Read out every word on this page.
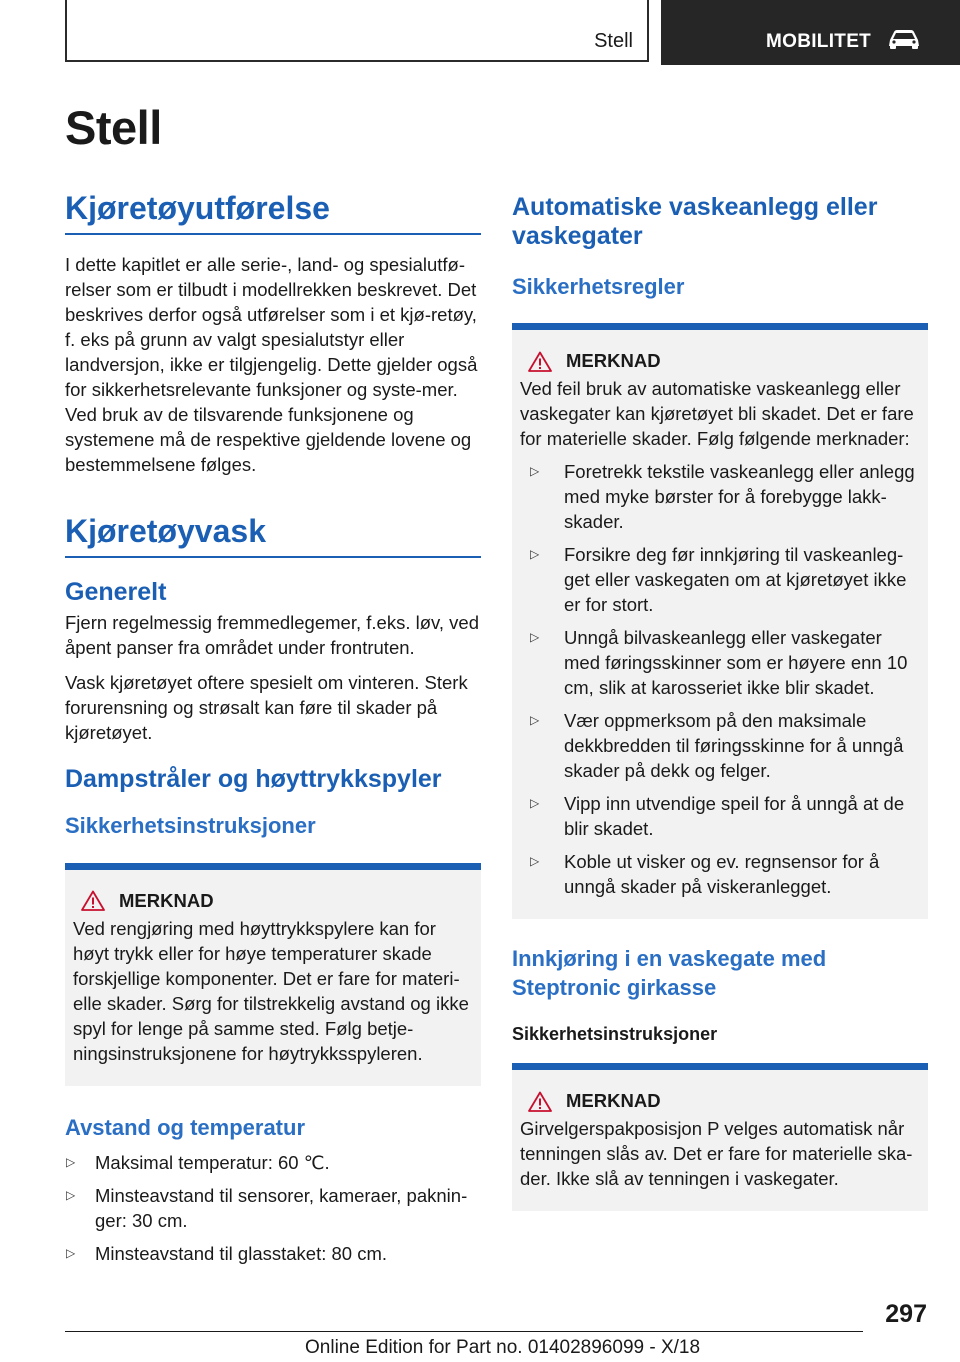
Stell	MOBILITET
Stell
Kjøretøyutførelse

I dette kapitlet er alle serie-, land- og spesialutfø-relser som er tilbudt i modellrekken beskrevet. Det beskrives derfor også utførelser som i et kjø-retøy, f. eks på grunn av valgt spesialutstyr eller landversjon, ikke er tilgjengelig. Dette gjelder også for sikkerhetsrelevante funksjoner og syste-mer. Ved bruk av de tilsvarende funksjonene og systemene må de respektive gjeldende lovene og bestemmelsene følges.

Kjøretøyvask
Generelt

Fjern regelmessig fremmedlegemer, f.eks. løv, ved åpent panser fra området under frontruten.

Vask kjøretøyet oftere spesielt om vinteren. Sterk forurensning og strøsalt kan føre til skader på kjøretøyet.

Dampstråler og høyttrykkspyler
Sikkerhetsinstruksjoner
MERKNAD

Ved rengjøring med høyttrykkspylere kan for høyt trykk eller for høye temperaturer skade forskjellige komponenter. Det er fare for materi-elle skader. Sørg for tilstrekkelig avstand og ikke spyl for lenge på samme sted. Følg betje-ningsinstruksjonene for høytrykksspyleren.

Avstand og temperatur
▷	Maksimal temperatur: 60 ℃.
▷	Minsteavstand til sensorer, kameraer, paknin-ger: 30 cm.
▷	Minsteavstand til glasstaket: 80 cm.
Automatiske vaskeanlegg eller vaskegater
Sikkerhetsregler
MERKNAD

Ved feil bruk av automatiske vaskeanlegg eller vaskegater kan kjøretøyet bli skadet. Det er fare for materielle skader. Følg følgende merknader:

▷	Foretrekk tekstile vaskeanlegg eller anlegg med myke børster for å forebygge lakk-skader.
▷	Forsikre deg før innkjøring til vaskeanleg-get eller vaskegaten om at kjøretøyet ikke er for stort.
▷	Unngå bilvaskeanlegg eller vaskegater med føringsskinner som er høyere enn 10 cm, slik at karosseriet ikke blir skadet.
▷	Vær oppmerksom på den maksimale dekkbredden til føringsskinne for å unngå skader på dekk og felger.
▷	Vipp inn utvendige speil for å unngå at de blir skadet.
▷	Koble ut visker og ev. regnsensor for å unngå skader på viskeranlegget.
Innkjøring i en vaskegate med Steptronic girkasse
Sikkerhetsinstruksjoner
MERKNAD

Girvelgerspakposisjon P velges automatisk når tenningen slås av. Det er fare for materielle ska-der. Ikke slå av tenningen i vaskegater.

297
Online Edition for Part no. 01402896099 - X/18
